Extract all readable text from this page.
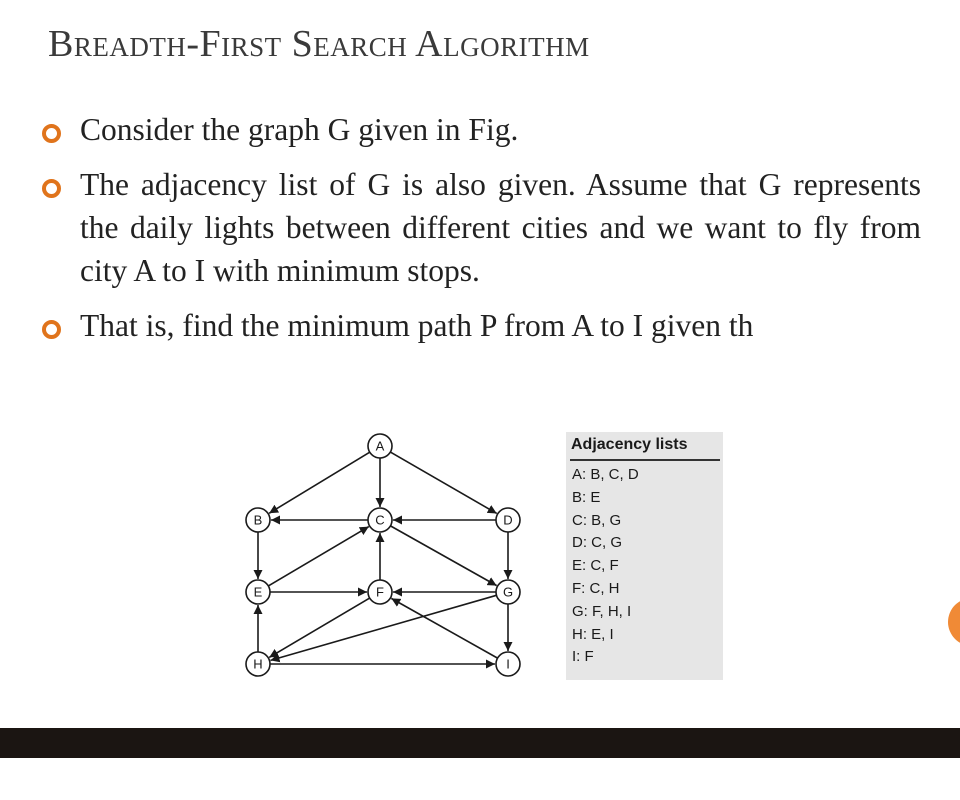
Breadth-First Search Algorithm
Consider the graph G given in Fig.
The adjacency list of G is also given. Assume that G represents the daily lights between different cities and we want to fly from city A to I with minimum stops.
That is, find the minimum path P from A to I given th
A
B	C	D
E	F	G
H	I
Adjacency lists
A: B, C, D
B: E
C: B, G
D: C, G
E: C, F
F: C, H
G: F, H, I
H: E, I
I: F
